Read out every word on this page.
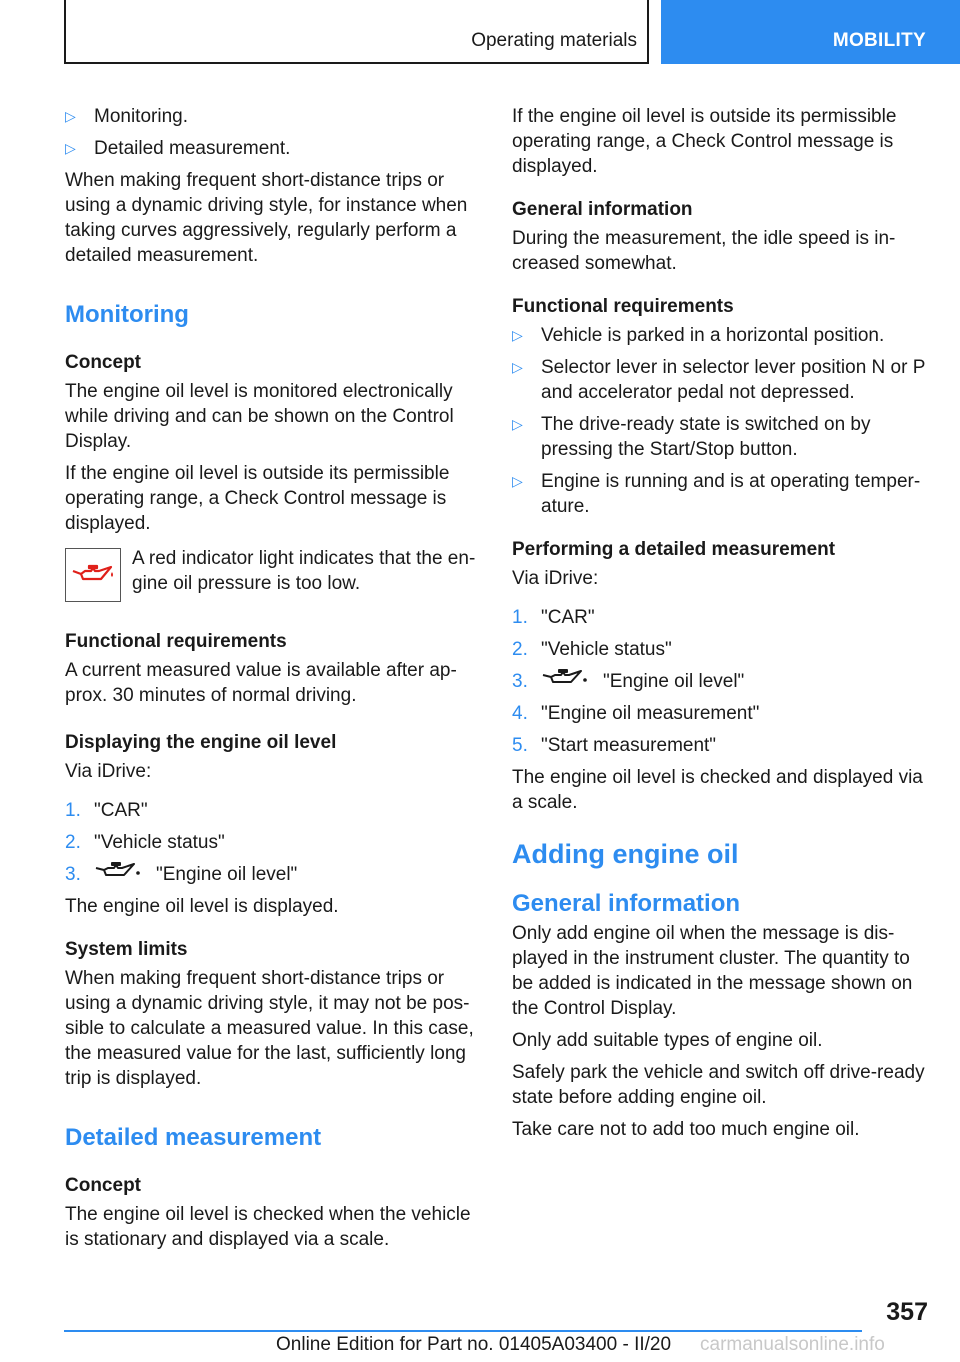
Operating materials	MOBILITY
▷ Monitoring.
▷ Detailed measurement.

When making frequent short-distance trips or using a dynamic driving style, for instance when taking curves aggressively, regularly perform a detailed measurement.

Monitoring
Concept

The engine oil level is monitored electronically while driving and can be shown on the Control Display.

If the engine oil level is outside its permissible operating range, a Check Control message is displayed.

A red indicator light indicates that the engine oil pressure is too low.

Functional requirements

A current measured value is available after approx. 30 minutes of normal driving.

Displaying the engine oil level

Via iDrive:

1. "CAR"
2. "Vehicle status"
3.	"Engine oil level"

The engine oil level is displayed.

System limits

When making frequent short-distance trips or using a dynamic driving style, it may not be possible to calculate a measured value. In this case, the measured value for the last, sufficiently long trip is displayed.

Detailed measurement
Concept

The engine oil level is checked when the vehicle is stationary and displayed via a scale.

If the engine oil level is outside its permissible operating range, a Check Control message is displayed.

General information

During the measurement, the idle speed is increased somewhat.

Functional requirements
▷ Vehicle is parked in a horizontal position.
▷ Selector lever in selector lever position N or P and accelerator pedal not depressed.
▷ The drive-ready state is switched on by pressing the Start/Stop button.
▷ Engine is running and is at operating temperature.
Performing a detailed measurement

Via iDrive:

1. "CAR"
2. "Vehicle status"
3.	"Engine oil level"
4. "Engine oil measurement"
5. "Start measurement"

The engine oil level is checked and displayed via a scale.

Adding engine oil
General information

Only add engine oil when the message is displayed in the instrument cluster. The quantity to be added is indicated in the message shown on the Control Display.

Only add suitable types of engine oil.

Safely park the vehicle and switch off drive-ready state before adding engine oil.

Take care not to add too much engine oil.

357
Online Edition for Part no. 01405A03400 - II/20 carmanualsonline.info
